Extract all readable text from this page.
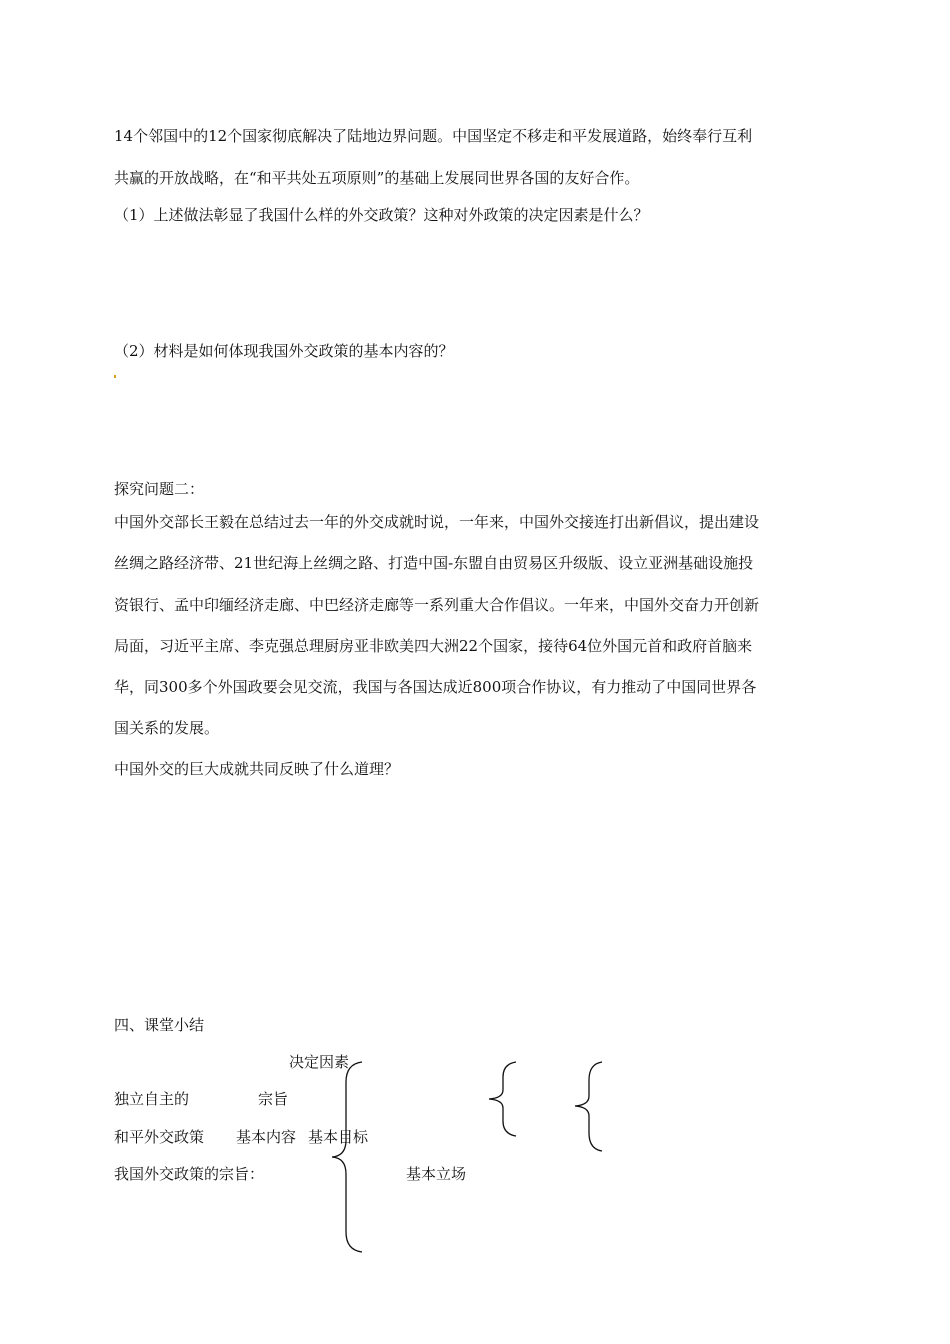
14个邻国中的12个国家彻底解决了陆地边界问题。中国坚定不移走和平发展道路，始终奉行互利
共赢的开放战略，在“和平共处五项原则”的基础上发展同世界各国的友好合作。
（1）上述做法彰显了我国什么样的外交政策？这种对外政策的决定因素是什么？
（2）材料是如何体现我国外交政策的基本内容的？
探究问题二：
中国外交部长王毅在总结过去一年的外交成就时说，一年来，中国外交接连打出新倡议，提出建设
丝绸之路经济带、21世纪海上丝绸之路、打造中国-东盟自由贸易区升级版、设立亚洲基础设施投
资银行、孟中印缅经济走廊、中巴经济走廊等一系列重大合作倡议。一年来，中国外交奋力开创新
局面，习近平主席、李克强总理厨房亚非欧美四大洲22个国家，接待64位外国元首和政府首脑来
华，同300多个外国政要会见交流，我国与各国达成近800项合作协议，有力推动了中国同世界各
国关系的发展。
中国外交的巨大成就共同反映了什么道理？
四、课堂小结
决定因素
独立自主的	宗旨
和平外交政策 基本内容 基本目标
我国外交政策的宗旨：	基本立场
